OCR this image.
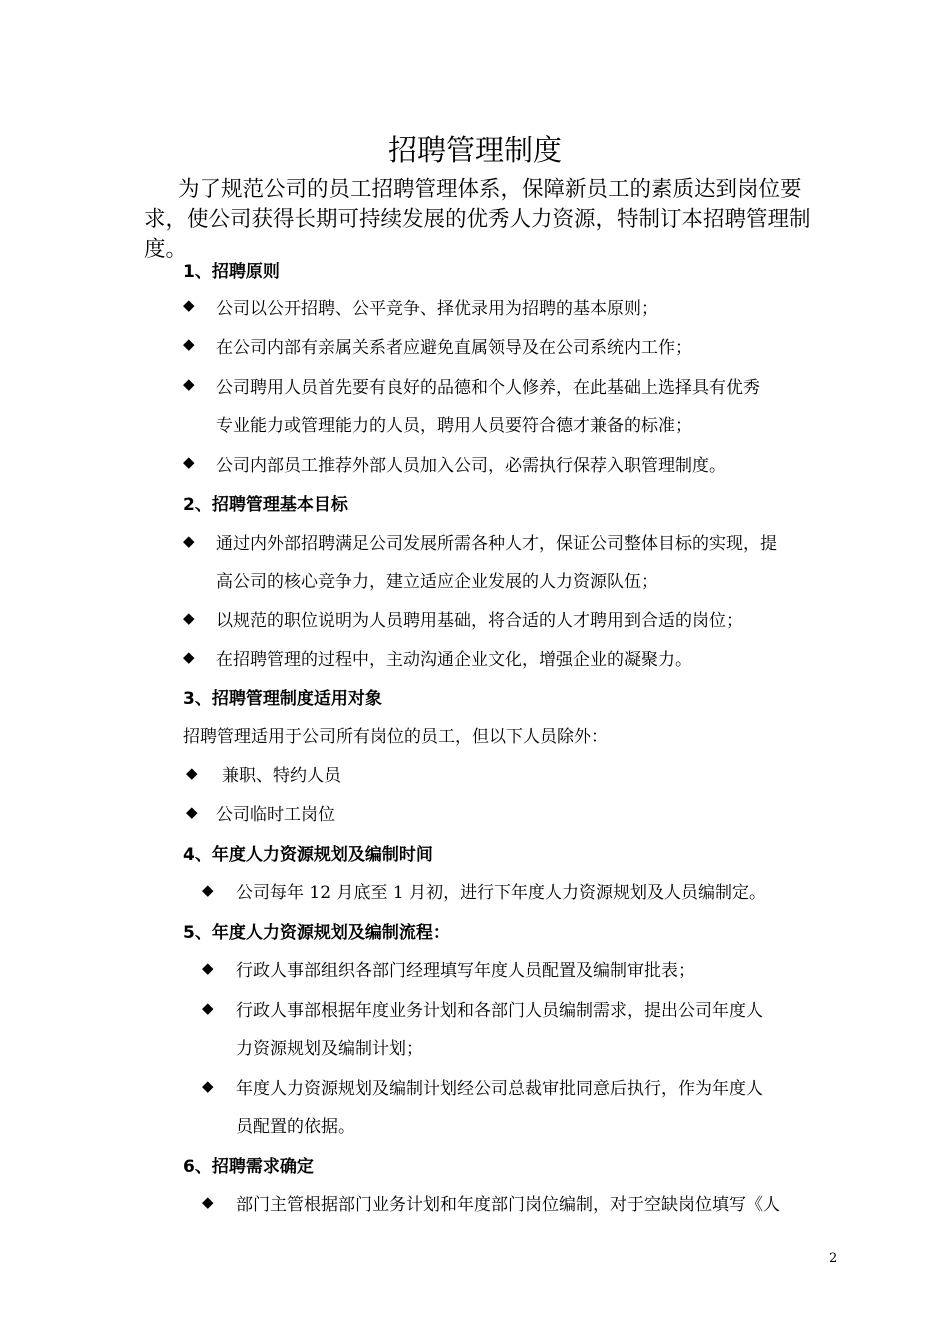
招聘管理制度
为了规范公司的员工招聘管理体系，保障新员工的素质达到岗位要
求，使公司获得长期可持续发展的优秀人力资源，特制订本招聘管理制
度。
1、招聘原则
◆ 公司以公开招聘、公平竞争、择优录用为招聘的基本原则；
◆ 在公司内部有亲属关系者应避免直属领导及在公司系统内工作；
◆ 公司聘用人员首先要有良好的品德和个人修养，在此基础上选择具有优秀
专业能力或管理能力的人员，聘用人员要符合德才兼备的标准；
◆ 公司内部员工推荐外部人员加入公司，必需执行保荐入职管理制度。
2、招聘管理基本目标
◆ 通过内外部招聘满足公司发展所需各种人才，保证公司整体目标的实现，提
高公司的核心竞争力，建立适应企业发展的人力资源队伍；
◆ 以规范的职位说明为人员聘用基础，将合适的人才聘用到合适的岗位；
◆ 在招聘管理的过程中，主动沟通企业文化，增强企业的凝聚力。
3、招聘管理制度适用对象
招聘管理适用于公司所有岗位的员工，但以下人员除外：
◆ 兼职、特约人员
◆ 公司临时工岗位
4、年度人力资源规划及编制时间
◆ 公司每年 12 月底至 1 月初，进行下年度人力资源规划及人员编制定。
5、年度人力资源规划及编制流程：
◆ 行政人事部组织各部门经理填写年度人员配置及编制审批表；
◆ 行政人事部根据年度业务计划和各部门人员编制需求，提出公司年度人
力资源规划及编制计划；
◆ 年度人力资源规划及编制计划经公司总裁审批同意后执行，作为年度人
员配置的依据。
6、招聘需求确定
◆ 部门主管根据部门业务计划和年度部门岗位编制，对于空缺岗位填写《人
2
